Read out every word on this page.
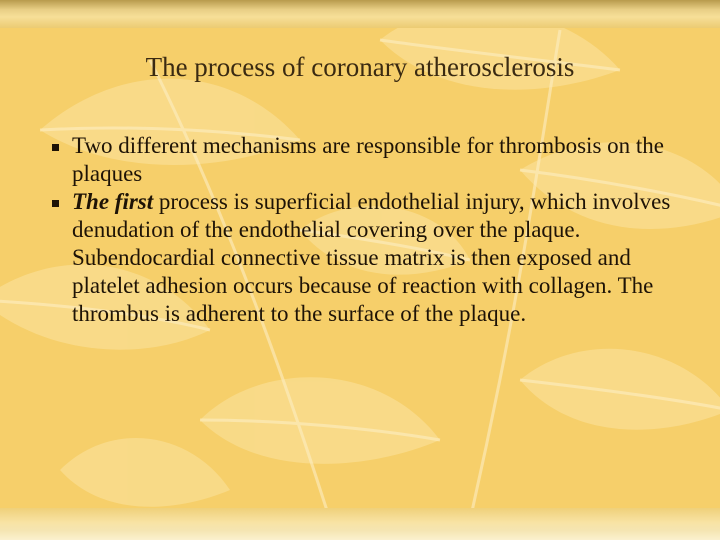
The process of coronary atherosclerosis
Two different mechanisms are responsible for thrombosis on the plaques
The first process is superficial endothelial injury, which involves denudation of the endothelial covering over the plaque. Subendocardial connective tissue matrix is then exposed and platelet adhesion occurs because of reaction with collagen. The thrombus is adherent to the surface of the plaque.
